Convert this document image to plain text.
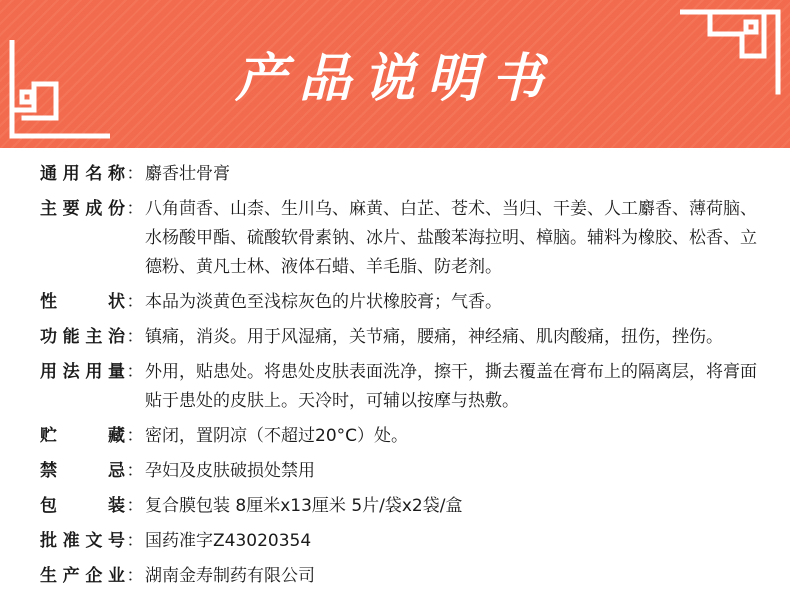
产品说明书
通 用 名 称 ： 麝香壮骨膏
主 要 成 份 ： 八角茴香、山柰、生川乌、麻黄、白芷、苍术、当归、干姜、人工麝香、薄荷脑、水杨酸甲酯、硫酸软骨素钠、冰片、盐酸苯海拉明、樟脑。辅料为橡胶、松香、立德粉、黄凡士林、液体石蜡、羊毛脂、防老剂。
性	状 ： 本品为淡黄色至浅棕灰色的片状橡胶膏；气香。
功 能 主 治 ： 镇痛，消炎。用于风湿痛，关节痛，腰痛，神经痛、肌肉酸痛，扭伤，挫伤。
用 法 用 量 ： 外用，贴患处。将患处皮肤表面洗净，擦干，撕去覆盖在膏布上的隔离层，将膏面贴于患处的皮肤上。天冷时，可辅以按摩与热敷。
贮	藏 ： 密闭，置阴凉（不超过20°C）处。
禁	忌 ： 孕妇及皮肤破损处禁用
包	装 ： 复合膜包装 8厘米x13厘米 5片/袋x2袋/盒
批 准 文 号 ： 国药准字Z43020354
生 产 企 业 ： 湖南金寿制药有限公司
